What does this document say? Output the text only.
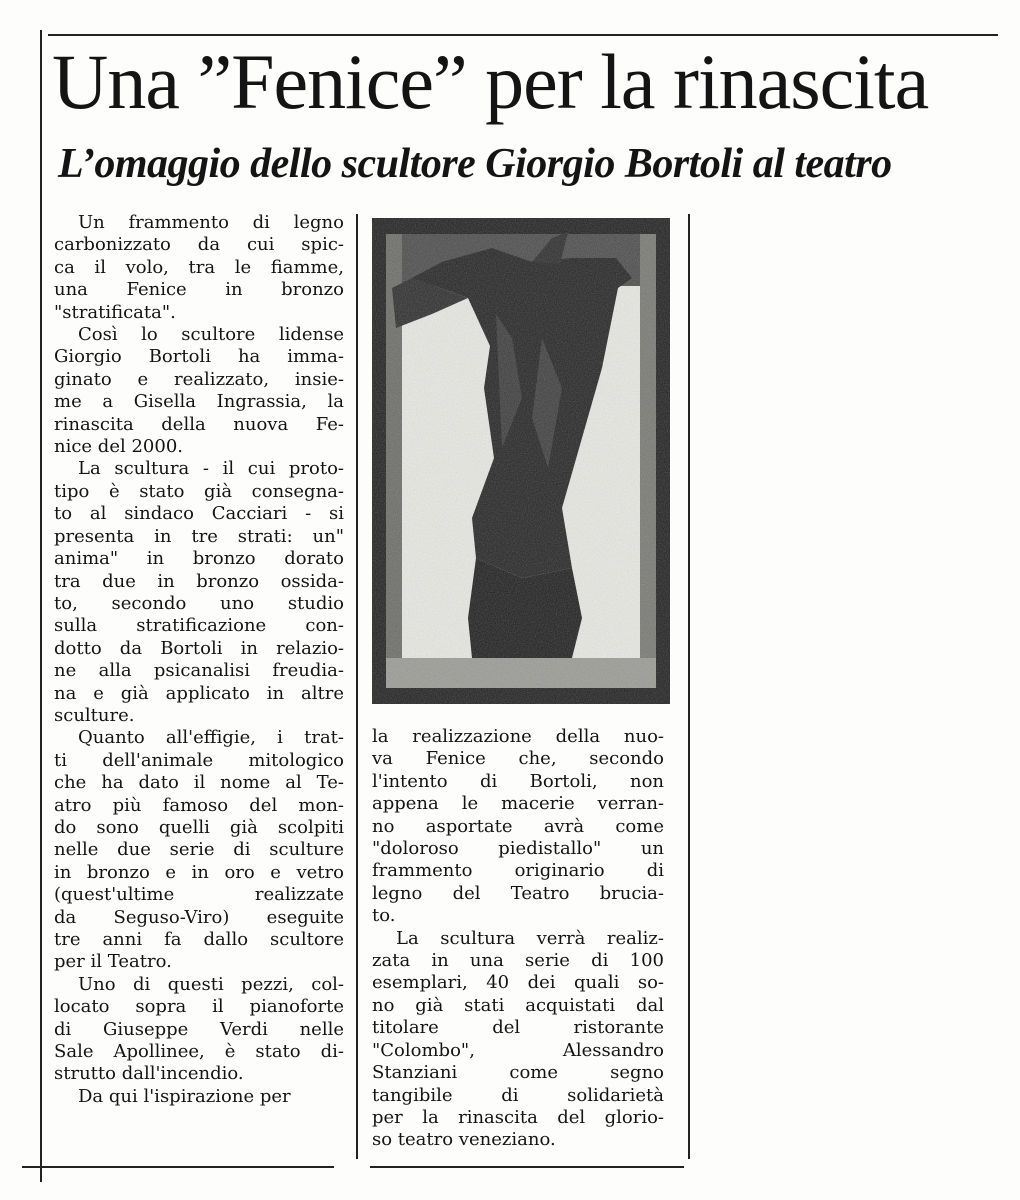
Una ”Fenice” per la rinascita
L’omaggio dello scultore Giorgio Bortoli al teatro

Un frammento di legno
carbonizzato da cui spic-
ca il volo, tra le fiamme,
una Fenice in bronzo
"stratificata".

Così lo scultore lidense
Giorgio Bortoli ha imma-
ginato e realizzato, insie-
me a Gisella Ingrassia, la
rinascita della nuova Fe-
nice del 2000.

La scultura - il cui proto-
tipo è stato già consegna-
to al sindaco Cacciari - si
presenta in tre strati: un"
anima" in bronzo dorato
tra due in bronzo ossida-
to, secondo uno studio
sulla stratificazione con-
dotto da Bortoli in relazio-
ne alla psicanalisi freudia-
na e già applicato in altre
sculture.

Quanto all'effigie, i trat-
ti dell'animale mitologico
che ha dato il nome al Te-
atro più famoso del mon-
do sono quelli già scolpiti
nelle due serie di sculture
in bronzo e in oro e vetro
(quest'ultime realizzate
da Seguso-Viro) eseguite
tre anni fa dallo scultore
per il Teatro.

Uno di questi pezzi, col-
locato sopra il pianoforte
di Giuseppe Verdi nelle
Sale Apollinee, è stato di-
strutto dall'incendio.

Da qui l'ispirazione per

la realizzazione della nuo-
va Fenice che, secondo
l'intento di Bortoli, non
appena le macerie verran-
no asportate avrà come
"doloroso piedistallo" un
frammento originario di
legno del Teatro brucia-
to.

La scultura verrà realiz-
zata in una serie di 100
esemplari, 40 dei quali so-
no già stati acquistati dal
titolare del ristorante
"Colombo", Alessandro
Stanziani come segno
tangibile di solidarietà
per la rinascita del glorio-
so teatro veneziano.
